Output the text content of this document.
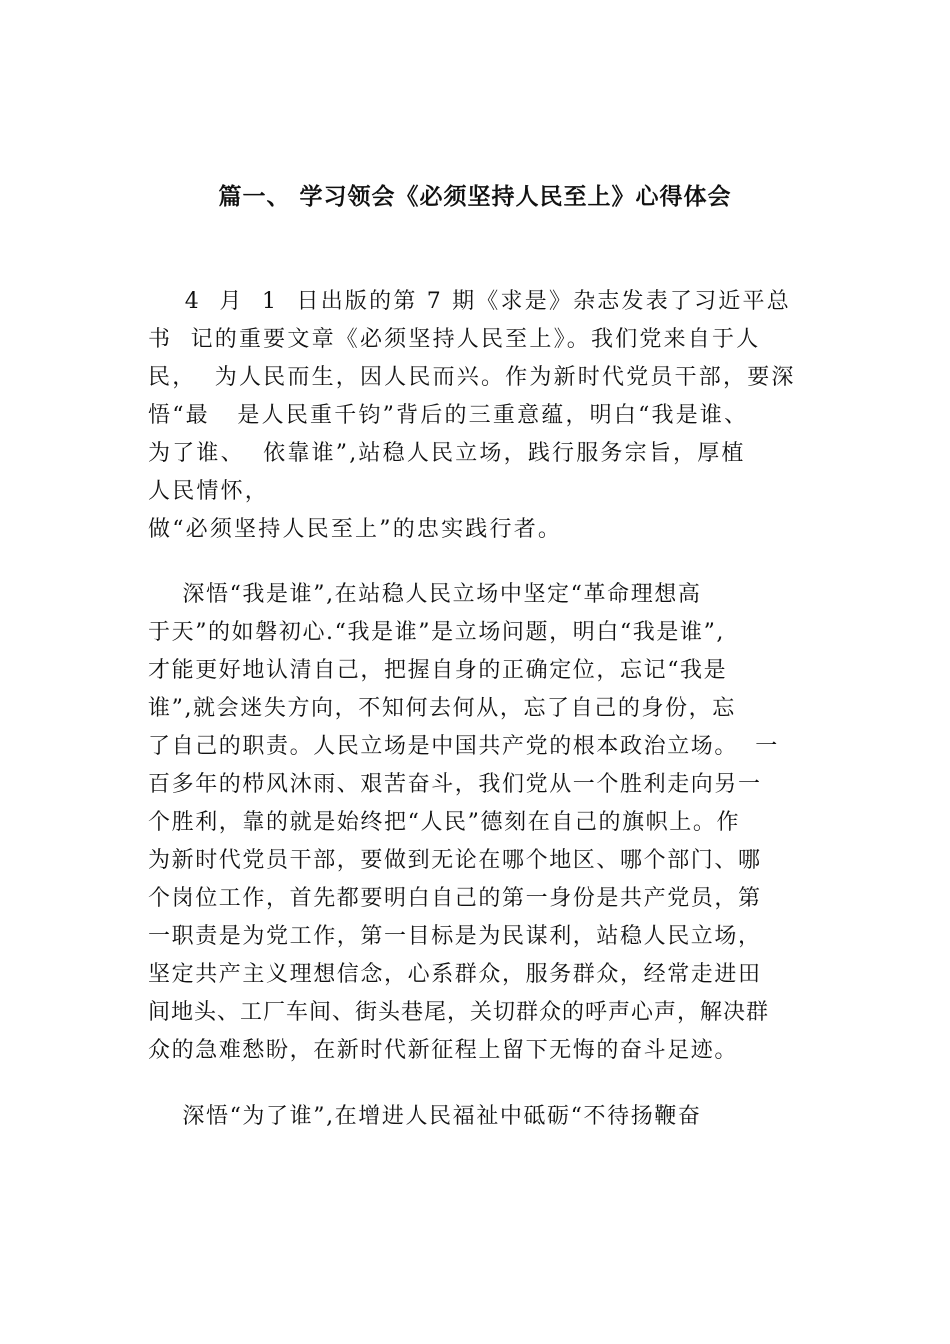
篇一、 学习领会《必须坚持人民至上》心得体会
4  月  1  日出版的第 7 期《求是》杂志发表了习近平总
书  记的重要文章《必须坚持人民至上》。我们党来自于人
民，  为人民而生，因人民而兴。作为新时代党员干部，要深
悟“最   是人民重千钧”背后的三重意蕴，明白“我是谁、
为了谁、  依靠谁”,站稳人民立场，践行服务宗旨，厚植
人民情怀，
做“必须坚持人民至上”的忠实践行者。
深悟“我是谁”,在站稳人民立场中坚定“革命理想高
于天”的如磐初心.“我是谁”是立场问题，明白“我是谁”,
才能更好地认清自己，把握自身的正确定位，忘记“我是
谁”,就会迷失方向，不知何去何从，忘了自己的身份，忘
了自己的职责。人民立场是中国共产党的根本政治立场。  一
百多年的栉风沐雨、艰苦奋斗，我们党从一个胜利走向另一
个胜利，靠的就是始终把“人民”德刻在自己的旗帜上。作
为新时代党员干部，要做到无论在哪个地区、哪个部门、哪
个岗位工作，首先都要明白自己的第一身份是共产党员，第
一职责是为党工作，第一目标是为民谋利，站稳人民立场，
坚定共产主义理想信念，心系群众，服务群众，经常走进田
间地头、工厂车间、街头巷尾，关切群众的呼声心声，解决群
众的急难愁盼，在新时代新征程上留下无悔的奋斗足迹。
深悟“为了谁”,在增进人民福祉中砥砺“不待扬鞭奋
